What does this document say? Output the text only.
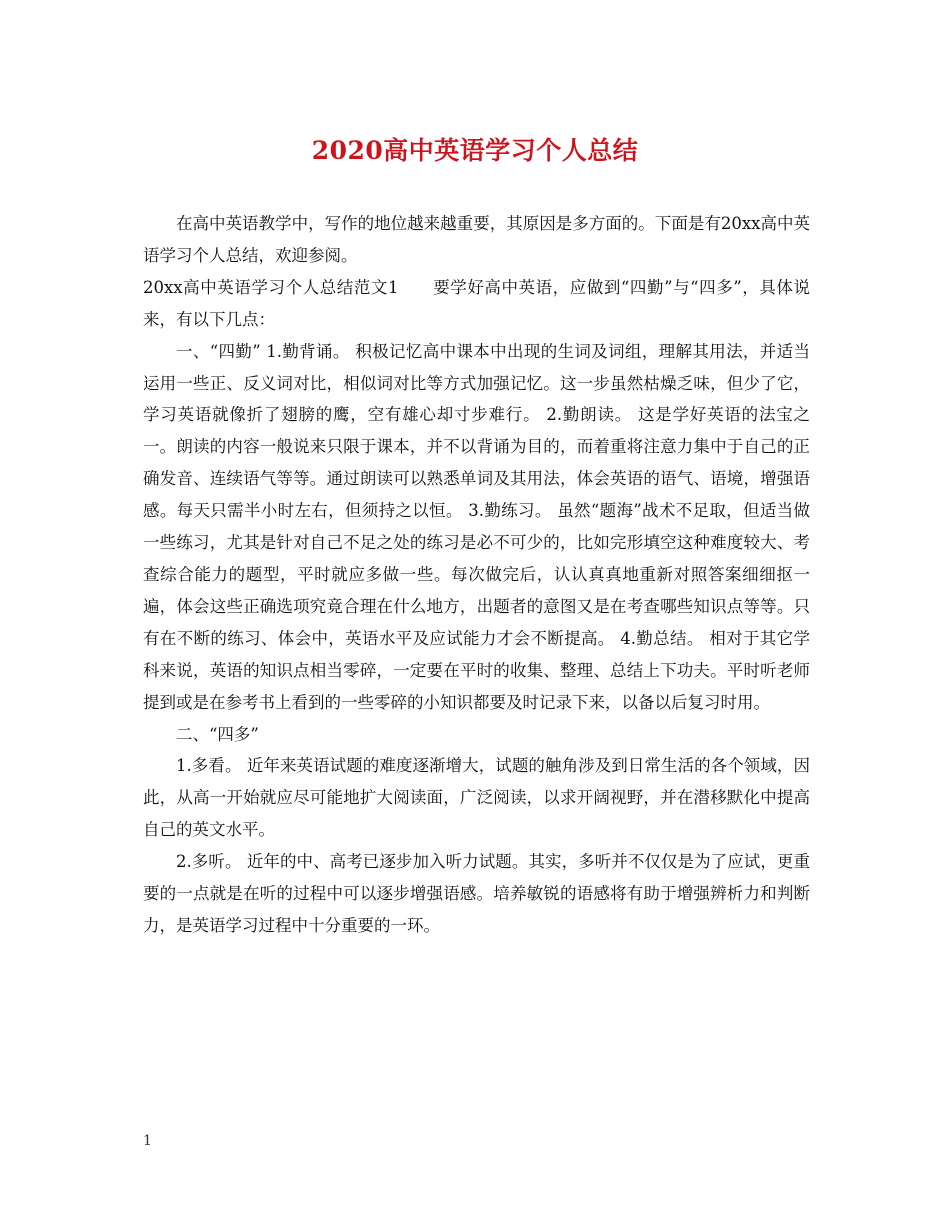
2020高中英语学习个人总结

在高中英语教学中，写作的地位越来越重要，其原因是多方面的。下面是有20xx高中英语学习个人总结，欢迎参阅。

20xx高中英语学习个人总结范文1　　要学好高中英语，应做到“四勤”与“四多”，具体说来，有以下几点：

一、“四勤” 1.勤背诵。 积极记忆高中课本中出现的生词及词组，理解其用法，并适当运用一些正、反义词对比，相似词对比等方式加强记忆。这一步虽然枯燥乏味，但少了它，学习英语就像折了翅膀的鹰，空有雄心却寸步难行。 2.勤朗读。 这是学好英语的法宝之一。朗读的内容一般说来只限于课本，并不以背诵为目的，而着重将注意力集中于自己的正确发音、连续语气等等。通过朗读可以熟悉单词及其用法，体会英语的语气、语境，增强语感。每天只需半小时左右，但须持之以恒。 3.勤练习。 虽然“题海”战术不足取，但适当做一些练习，尤其是针对自己不足之处的练习是必不可少的，比如完形填空这种难度较大、考查综合能力的题型，平时就应多做一些。每次做完后，认认真真地重新对照答案细细抠一遍，体会这些正确选项究竟合理在什么地方，出题者的意图又是在考查哪些知识点等等。只有在不断的练习、体会中，英语水平及应试能力才会不断提高。 4.勤总结。 相对于其它学科来说，英语的知识点相当零碎，一定要在平时的收集、整理、总结上下功夫。平时听老师提到或是在参考书上看到的一些零碎的小知识都要及时记录下来，以备以后复习时用。

二、“四多”

1.多看。 近年来英语试题的难度逐渐增大，试题的触角涉及到日常生活的各个领域，因此，从高一开始就应尽可能地扩大阅读面，广泛阅读，以求开阔视野，并在潜移默化中提高自己的英文水平。

2.多听。 近年的中、高考已逐步加入听力试题。其实，多听并不仅仅是为了应试，更重要的一点就是在听的过程中可以逐步增强语感。培养敏锐的语感将有助于增强辨析力和判断力，是英语学习过程中十分重要的一环。

1
